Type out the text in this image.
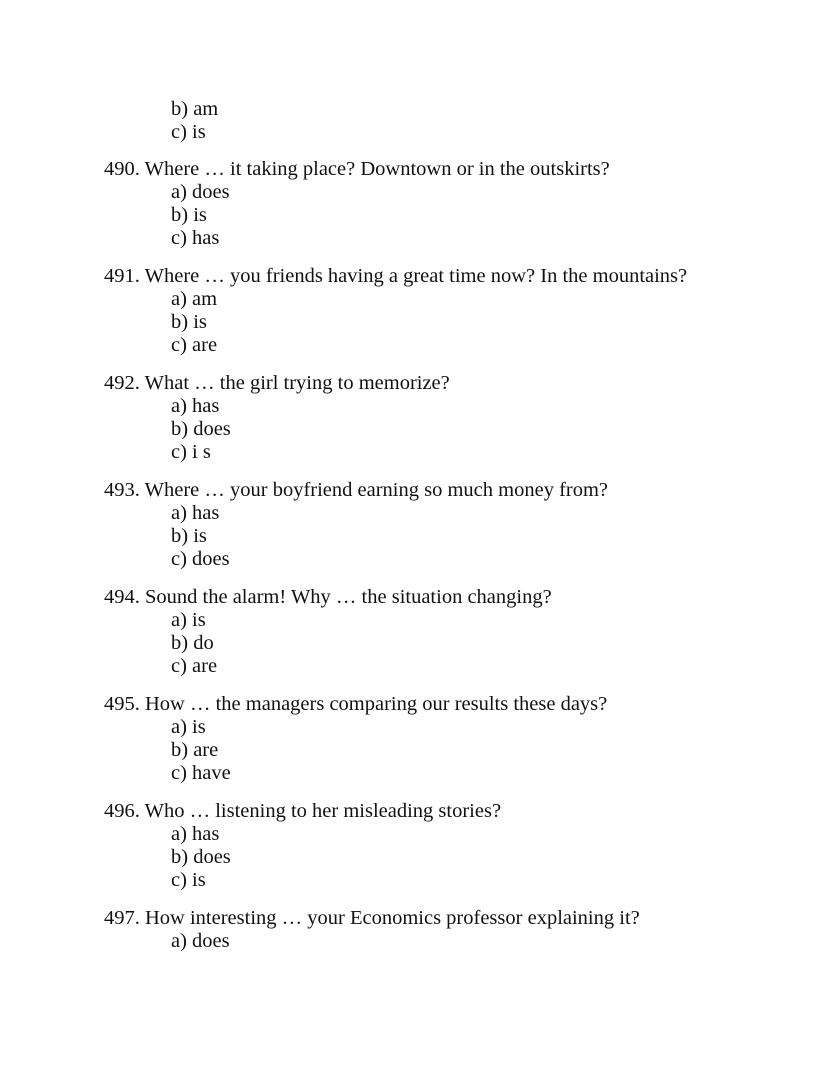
b) am
c) is
490. Where … it taking place? Downtown or in the outskirts?
a) does
b) is
c) has
491. Where … you friends having a great time now? In the mountains?
a) am
b) is
c) are
492. What … the girl trying to memorize?
a) has
b) does
c) i s
493. Where … your boyfriend earning so much money from?
a) has
b) is
c) does
494. Sound the alarm! Why … the situation changing?
a) is
b) do
c) are
495. How … the managers comparing our results these days?
a) is
b) are
c) have
496. Who … listening to her misleading stories?
a) has
b) does
c) is
497. How interesting … your Economics professor explaining it?
a) does
